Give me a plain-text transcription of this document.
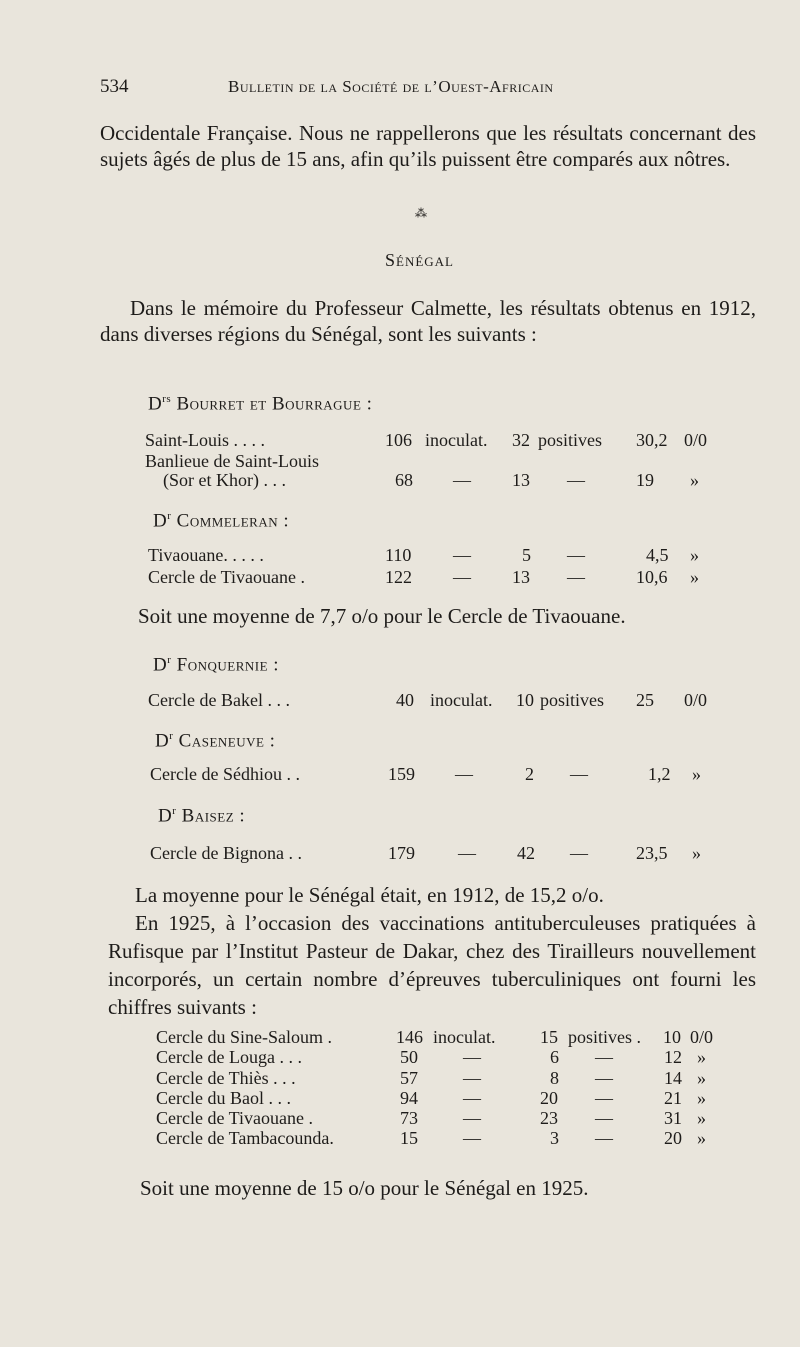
534	Bulletin de la Société de l’Ouest-Africain

Occidentale Française. Nous ne rappellerons que les résultats concernant des sujets âgés de plus de 15 ans, afin qu’ils puissent être comparés aux nôtres.

⁂
Sénégal

Dans le mémoire du Professeur Calmette, les résultats obtenus en 1912, dans diverses régions du Sénégal, sont les suivants :

$D^{rs}$ Bourret et Bourrague :
Saint-Louis . . . .	106 inoculat. 32 positives 30,2 0/0
Banlieue de Saint-Louis
(Sor et Khor) . . .	68 — 13 —	19 »
$D^r$ Commeleran :
Tivaouane. . . . .	110 —	5 —	4,5 »
Cercle de Tivaouane .	122 — 13 —	10,6 »
Soit une moyenne de 7,7 o/o pour le Cercle de Tivaouane.
$D^r$ Fonquernie :
Cercle de Bakel . . .	40 inoculat. 10 positives 25 0/0
$D^r$ Caseneuve :
Cercle de Sédhiou . .	159 —	2 —	1,2 »
$D^r$ Baisez :
Cercle de Bignona . .	179 — 42 —	23,5 »
La moyenne pour le Sénégal était, en 1912, de 15,2 o/o.

En 1925, à l’occasion des vaccinations antituberculeuses pratiquées à Rufisque par l’Institut Pasteur de Dakar, chez des Tirailleurs nouvellement incorporés, un certain nombre d’épreuves tuberculiniques ont fourni les chiffres suivants :

Cercle du Sine-Saloum .	146 inoculat. 15 positives . 10 0/0
Cercle de Louga . . .	50	—	6 —	12 »
Cercle de Thiès . . .	57	—	8 —	14 »
Cercle du Baol . . .	94	—	20 —	21 »
Cercle de Tivaouane .	73	—	23 —	31 »
Cercle de Tambacounda.	15	—	3 —	20 »
Soit une moyenne de 15 o/o pour le Sénégal en 1925.
